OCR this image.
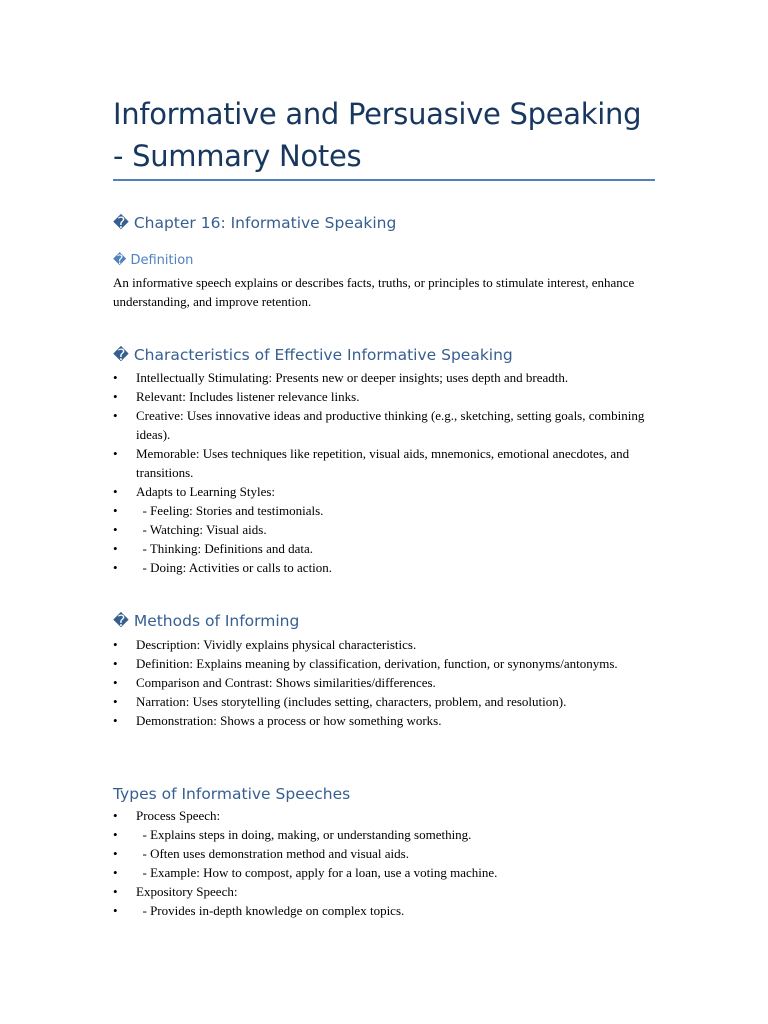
Informative and Persuasive Speaking - Summary Notes
� Chapter 16: Informative Speaking
� Definition

An informative speech explains or describes facts, truths, or principles to stimulate interest, enhance understanding, and improve retention.

� Characteristics of Effective Informative Speaking
•	Intellectually Stimulating: Presents new or deeper insights; uses depth and breadth.
•	Relevant: Includes listener relevance links.
•	Creative: Uses innovative ideas and productive thinking (e.g., sketching, setting goals, combining ideas).
•	Memorable: Uses techniques like repetition, visual aids, mnemonics, emotional anecdotes, and transitions.
•	Adapts to Learning Styles:
•	- Feeling: Stories and testimonials.
•	- Watching: Visual aids.
•	- Thinking: Definitions and data.
•	- Doing: Activities or calls to action.
� Methods of Informing
•	Description: Vividly explains physical characteristics.
•	Definition: Explains meaning by classification, derivation, function, or synonyms/antonyms.
•	Comparison and Contrast: Shows similarities/differences.
•	Narration: Uses storytelling (includes setting, characters, problem, and resolution).
•	Demonstration: Shows a process or how something works.
Types of Informative Speeches
•	Process Speech:
•	- Explains steps in doing, making, or understanding something.
•	- Often uses demonstration method and visual aids.
•	- Example: How to compost, apply for a loan, use a voting machine.
•	Expository Speech:
•	- Provides in-depth knowledge on complex topics.
